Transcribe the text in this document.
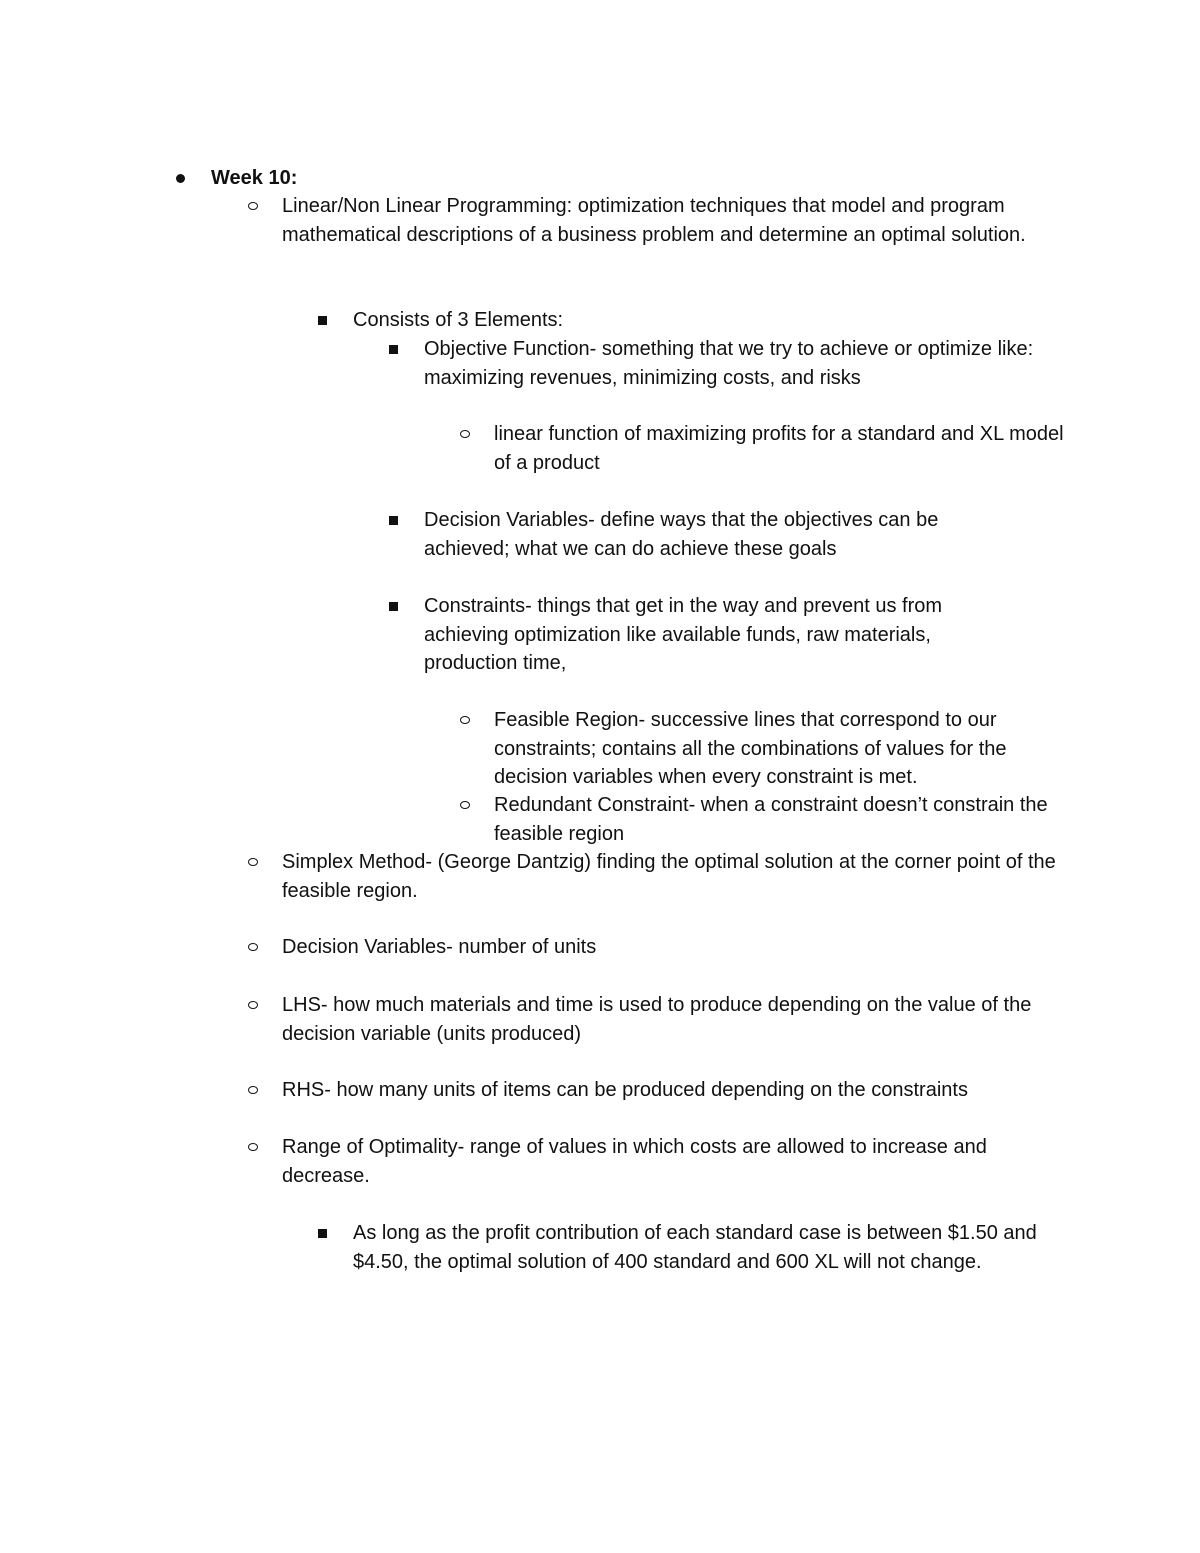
Week 10:
Linear/Non Linear Programming: optimization techniques that model and program mathematical descriptions of a business problem and determine an optimal solution.
Consists of 3 Elements:
Objective Function- something that we try to achieve or optimize like: maximizing revenues, minimizing costs, and risks
linear function of maximizing profits for a standard and XL model of a product
Decision Variables- define ways that the objectives can be achieved; what we can do achieve these goals
Constraints- things that get in the way and prevent us from achieving optimization like available funds, raw materials, production time,
Feasible Region- successive lines that correspond to our constraints; contains all the combinations of values for the decision variables when every constraint is met.
Redundant Constraint- when a constraint doesn’t constrain the feasible region
Simplex Method- (George Dantzig) finding the optimal solution at the corner point of the feasible region.
Decision Variables- number of units
LHS- how much materials and time is used to produce depending on the value of the decision variable (units produced)
RHS- how many units of items can be produced depending on the constraints
Range of Optimality- range of values in which costs are allowed to increase and decrease.
As long as the profit contribution of each standard case is between $1.50 and $4.50, the optimal solution of 400 standard and 600 XL will not change.
